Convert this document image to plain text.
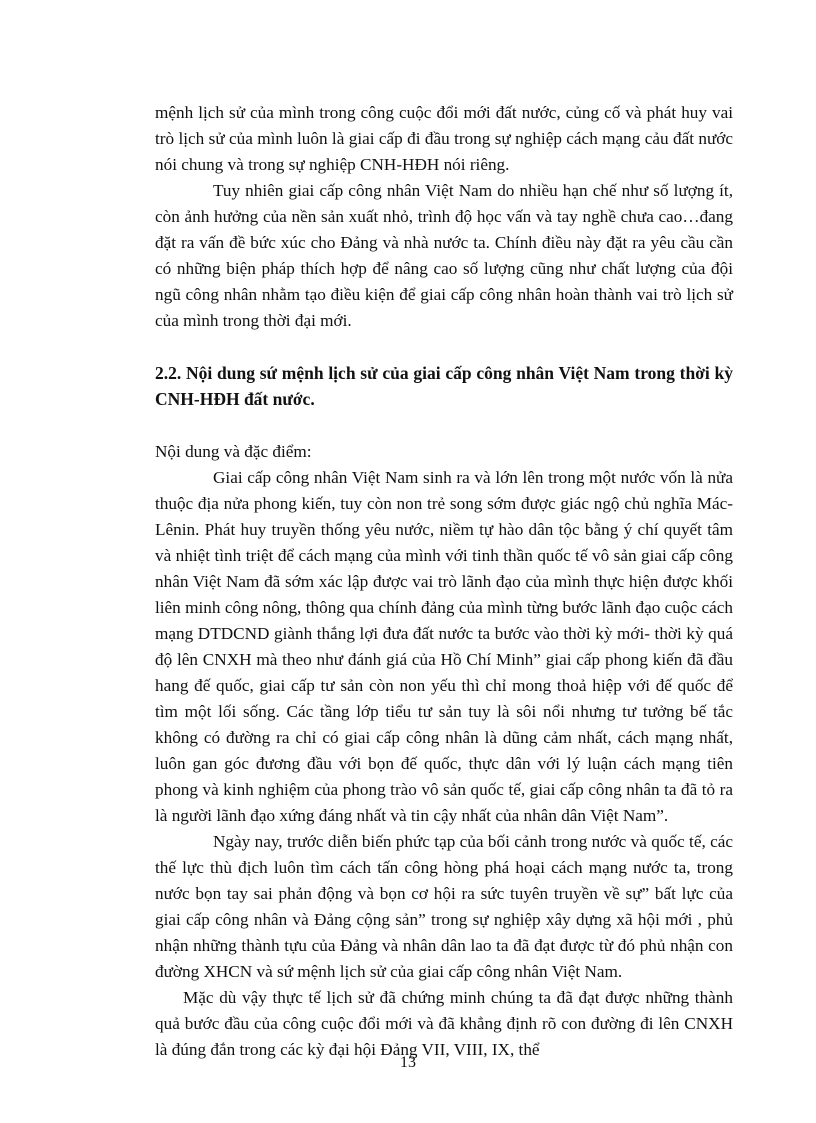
mệnh lịch sử của mình trong công cuộc đổi mới đất nước, củng cố và phát huy vai trò lịch sử của mình luôn là giai cấp đi đầu trong sự nghiệp cách mạng cảu đất nước nói chung và trong sự nghiệp CNH-HĐH nói riêng.

Tuy nhiên giai cấp công nhân Việt Nam do nhiều hạn chế như số lượng ít, còn ảnh hưởng của nền sản xuất nhỏ, trình độ học vấn và tay nghề chưa cao…đang đặt ra vấn đề bức xúc cho Đảng và nhà nước ta. Chính điều này đặt ra yêu cầu cần có những biện pháp thích hợp để nâng cao số lượng cũng như chất lượng của đội ngũ công nhân nhằm tạo điều kiện để giai cấp công nhân hoàn thành vai trò lịch sử của mình trong thời đại mới.

2.2. Nội dung sứ mệnh lịch sử của giai cấp công nhân Việt Nam trong thời kỳ CNH-HĐH đất nước.

Nội dung và đặc điểm:

Giai cấp công nhân Việt Nam sinh ra và lớn lên trong một nước vốn là nửa thuộc địa nửa phong kiến, tuy còn non trẻ song sớm được giác ngộ chủ nghĩa Mác- Lênin. Phát huy truyền thống yêu nước, niềm tự hào dân tộc bằng ý chí quyết tâm và nhiệt tình triệt để cách mạng của mình với tinh thần quốc tế vô sản giai cấp công nhân Việt Nam đã sớm xác lập được vai trò lãnh đạo của mình thực hiện được khối liên minh công nông, thông qua chính đảng của mình từng bước lãnh đạo cuộc cách mạng DTDCND giành thắng lợi đưa đất nước ta bước vào thời kỳ mới- thời kỳ quá độ lên CNXH mà theo như đánh giá của Hồ Chí Minh” giai cấp phong kiến đã đầu hang đế quốc, giai cấp tư sản còn non yếu thì chỉ mong thoả hiệp với đế quốc để tìm một lối sống. Các tầng lớp tiểu tư sản tuy là sôi nổi nhưng tư tưởng bế tắc không có đường ra chỉ có giai cấp công nhân là dũng cảm nhất, cách mạng nhất, luôn gan góc đương đầu với bọn đế quốc, thực dân với lý luận cách mạng tiên phong và kinh nghiệm của phong trào vô sản quốc tế, giai cấp công nhân ta đã tỏ ra là người lãnh đạo xứng đáng nhất và tin cậy nhất của nhân dân Việt Nam”.

Ngày nay, trước diễn biến phức tạp của bối cảnh trong nước và quốc tế, các thế lực thù địch luôn tìm cách tấn công hòng phá hoại cách mạng nước ta, trong nước bọn tay sai phản động và bọn cơ hội ra sức tuyên truyền về sự” bất lực của giai cấp công nhân và Đảng cộng sản” trong sự nghiệp xây dựng xã hội mới , phủ nhận những thành tựu của Đảng và nhân dân lao ta đã đạt được từ đó phủ nhận con đường XHCN và sứ mệnh lịch sử của giai cấp công nhân Việt Nam.

Mặc dù vậy thực tế lịch sử đã chứng minh chúng ta đã đạt được những thành quả bước đầu của công cuộc đổi mới và đã khẳng định rõ con đường đi lên CNXH là đúng đắn trong các kỳ đại hội Đảng VII, VIII, IX, thể

13
